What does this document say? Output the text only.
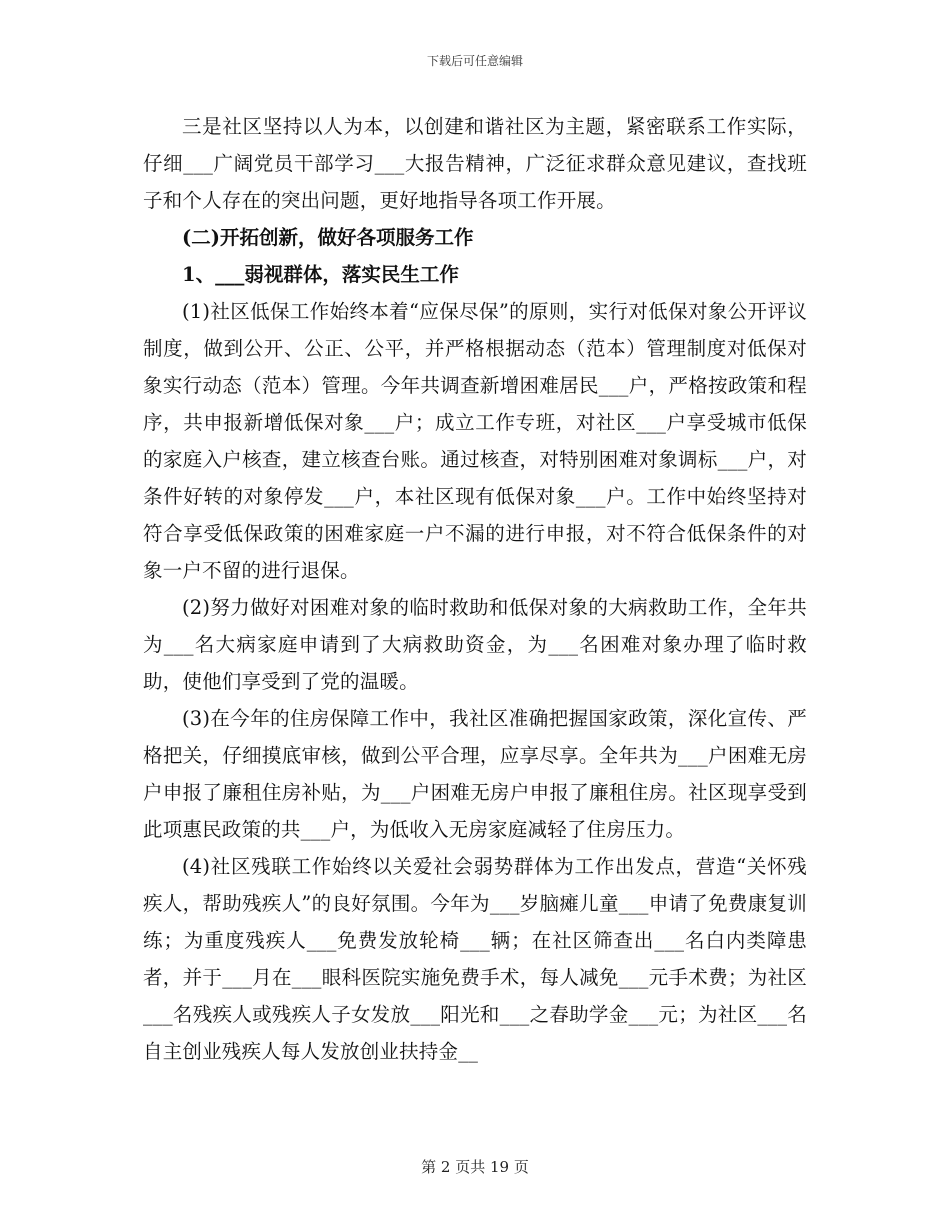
下载后可任意编辑

三是社区坚持以人为本，以创建和谐社区为主题，紧密联系工作实际，仔细___广阔党员干部学习___大报告精神，广泛征求群众意见建议，查找班子和个人存在的突出问题，更好地指导各项工作开展。

(二)开拓创新，做好各项服务工作

1、___弱视群体，落实民生工作

(1)社区低保工作始终本着“应保尽保”的原则，实行对低保对象公开评议制度，做到公开、公正、公平，并严格根据动态（范本）管理制度对低保对象实行动态（范本）管理。今年共调查新增困难居民___户，严格按政策和程序，共申报新增低保对象___户；成立工作专班，对社区___户享受城市低保的家庭入户核查，建立核查台账。通过核查，对特别困难对象调标___户，对条件好转的对象停发___户，本社区现有低保对象___户。工作中始终坚持对符合享受低保政策的困难家庭一户不漏的进行申报，对不符合低保条件的对象一户不留的进行退保。

(2)努力做好对困难对象的临时救助和低保对象的大病救助工作，全年共为___名大病家庭申请到了大病救助资金，为___名困难对象办理了临时救助，使他们享受到了党的温暖。

(3)在今年的住房保障工作中，我社区准确把握国家政策，深化宣传、严格把关，仔细摸底审核，做到公平合理，应享尽享。全年共为___户困难无房户申报了廉租住房补贴，为___户困难无房户申报了廉租住房。社区现享受到此项惠民政策的共___户，为低收入无房家庭减轻了住房压力。

(4)社区残联工作始终以关爱社会弱势群体为工作出发点，营造“关怀残疾人，帮助残疾人”的良好氛围。今年为___岁脑瘫儿童___申请了免费康复训练；为重度残疾人___免费发放轮椅___辆；在社区筛查出___名白内类障患者，并于___月在___眼科医院实施免费手术，每人减免___元手术费；为社区___名残疾人或残疾人子女发放___阳光和___之春助学金___元；为社区___名自主创业残疾人每人发放创业扶持金__

第 2 页共 19 页
